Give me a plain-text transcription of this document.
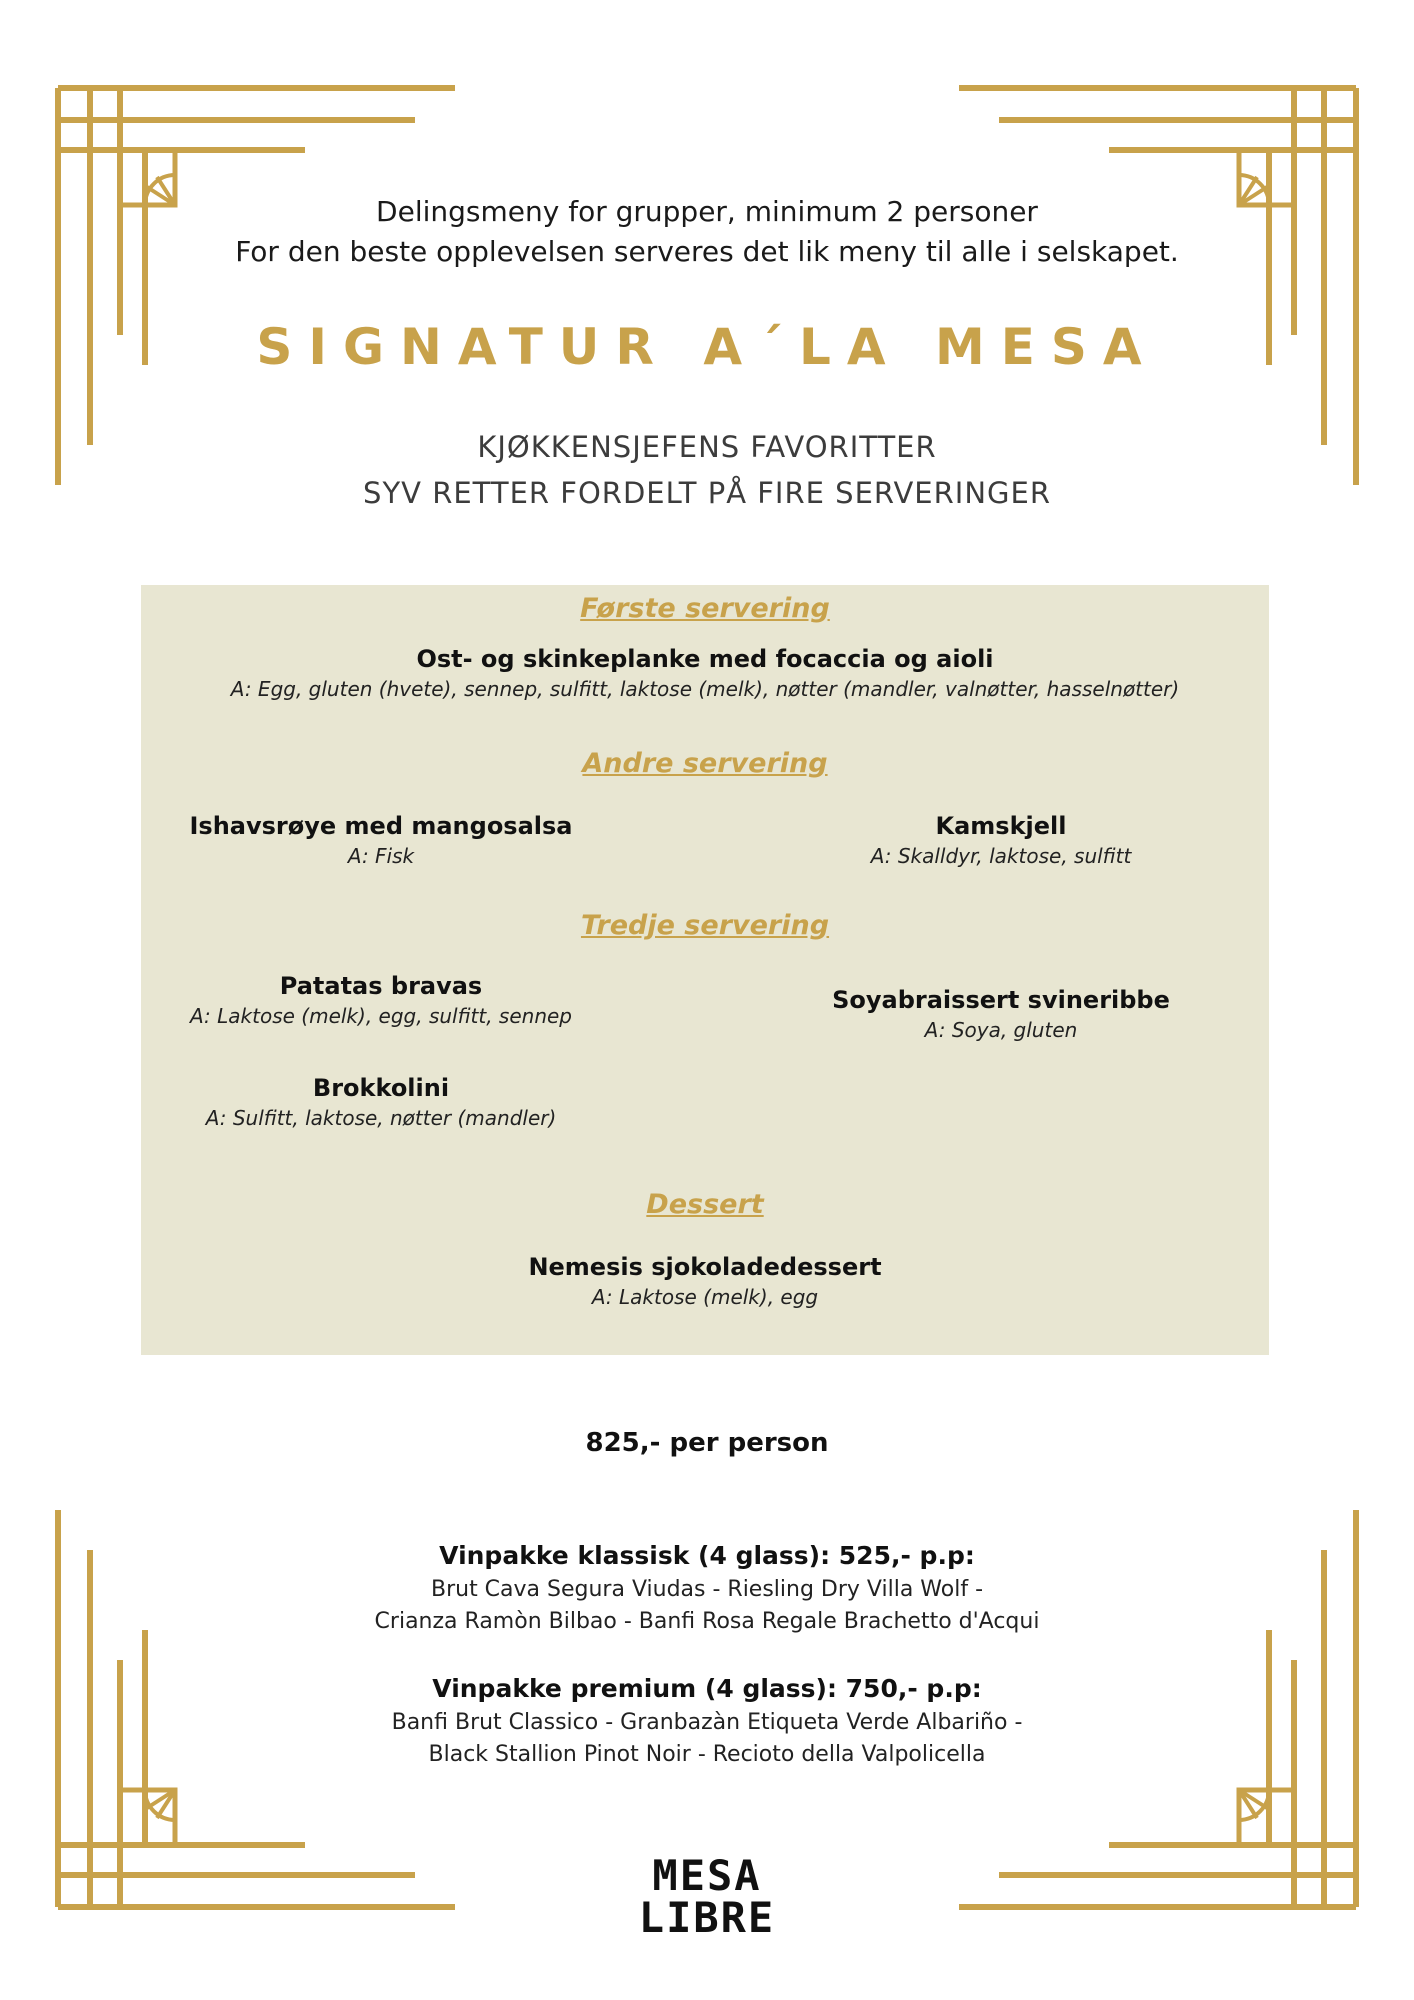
Delingsmeny for grupper, minimum 2 personer
For den beste opplevelsen serveres det lik meny til alle i selskapet.
SIGNATUR A´LA MESA
KJØKKENSJEFENS FAVORITTER
SYV RETTER FORDELT PÅ FIRE SERVERINGER
Første servering
Ost- og skinkeplanke med focaccia og aioli
A: Egg, gluten (hvete), sennep, sulfitt, laktose (melk), nøtter (mandler, valnøtter, hasselnøtter)
Andre servering
Ishavsrøye med mangosalsa
A: Fisk
Kamskjell
A: Skalldyr, laktose, sulfitt
Tredje servering
Patatas bravas
A: Laktose (melk), egg, sulfitt, sennep
Soyabraissert svineribbe
A: Soya, gluten
Brokkolini
A: Sulfitt, laktose, nøtter (mandler)
Dessert
Nemesis sjokoladedessert
A: Laktose (melk), egg
825,- per person
Vinpakke klassisk (4 glass): 525,- p.p:
Brut Cava Segura Viudas - Riesling Dry Villa Wolf -
Crianza Ramòn Bilbao - Banfi Rosa Regale Brachetto d'Acqui
Vinpakke premium (4 glass): 750,- p.p:
Banfi Brut Classico - Granbazàn Etiqueta Verde Albariño -
Black Stallion Pinot Noir - Recioto della Valpolicella
MESA
LIBRE
